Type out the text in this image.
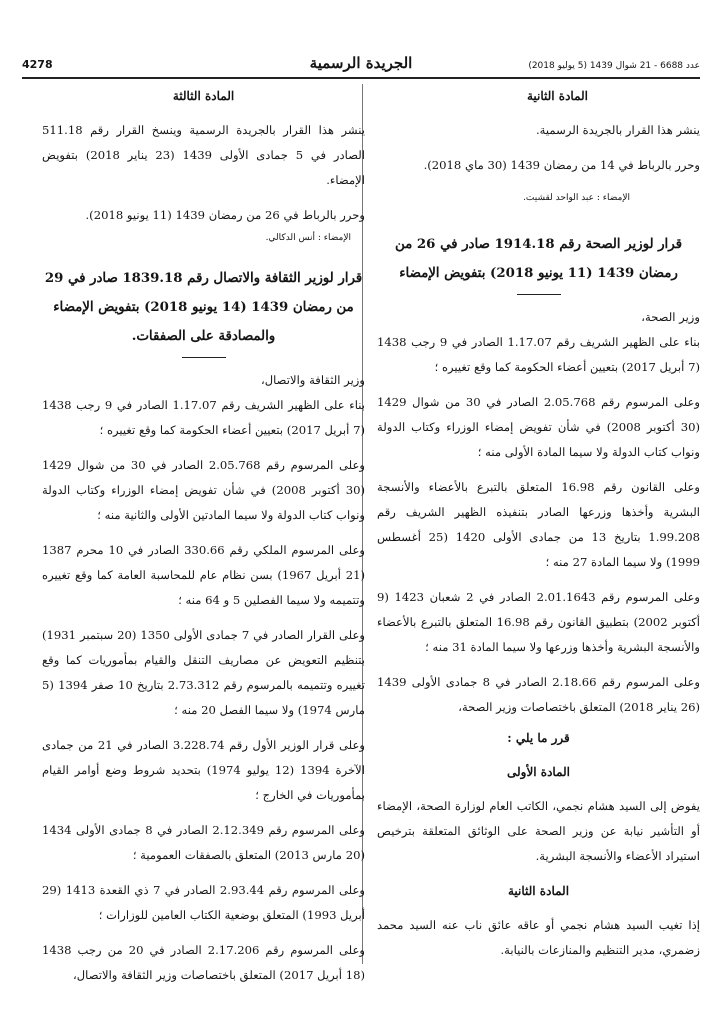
4278	الجريدة الرسمية	عدد 6688 - 21 شوال 1439 (5 يوليو 2018)

المادة الثانية

ينشر هذا القرار بالجريدة الرسمية.

وحرر بالرباط في 14 من رمضان 1439 (30 ماي 2018).

الإمضاء : عبد الواحد لقشيت.

قرار لوزير الصحة رقم 1914.18 صادر في 26 من رمضان 1439 (11 يونيو 2018) بتفويض الإمضاء

وزير الصحة،

بناء على الظهير الشريف رقم 1.17.07 الصادر في 9 رجب 1438 (7 أبريل 2017) بتعيين أعضاء الحكومة كما وقع تغييره ؛

وعلى المرسوم رقم 2.05.768 الصادر في 30 من شوال 1429 (30 أكتوبر 2008) في شأن تفويض إمضاء الوزراء وكتاب الدولة ونواب كتاب الدولة ولا سيما المادة الأولى منه ؛

وعلى القانون رقم 16.98 المتعلق بالتبرع بالأعضاء والأنسجة البشرية وأخذها وزرعها الصادر بتنفيذه الظهير الشريف رقم 1.99.208 بتاريخ 13 من جمادى الأولى 1420 (25 أغسطس 1999) ولا سيما المادة 27 منه ؛

وعلى المرسوم رقم 2.01.1643 الصادر في 2 شعبان 1423 (9 أكتوبر 2002) بتطبيق القانون رقم 16.98 المتعلق بالتبرع بالأعضاء والأنسجة البشرية وأخذها وزرعها ولا سيما المادة 31 منه ؛

وعلى المرسوم رقم 2.18.66 الصادر في 8 جمادى الأولى 1439 (26 يناير 2018) المتعلق باختصاصات وزير الصحة،

قرر ما يلي :

المادة الأولى

يفوض إلى السيد هشام نجمي، الكاتب العام لوزارة الصحة، الإمضاء أو التأشير نيابة عن وزير الصحة على الوثائق المتعلقة بترخيص استيراد الأعضاء والأنسجة البشرية.

المادة الثانية

إذا تغيب السيد هشام نجمي أو عاقه عائق ناب عنه السيد محمد زضمري، مدير التنظيم والمنازعات بالنيابة.

المادة الثالثة

ينشر هذا القرار بالجريدة الرسمية وينسخ القرار رقم 511.18 الصادر في 5 جمادى الأولى 1439 (23 يناير 2018) بتفويض الإمضاء.

وحرر بالرباط في 26 من رمضان 1439 (11 يونيو 2018).

الإمضاء : أنس الدكالي.

قرار لوزير الثقافة والاتصال رقم 1839.18 صادر في 29 من رمضان 1439 (14 يونيو 2018) بتفويض الإمضاء والمصادقة على الصفقات.

وزير الثقافة والاتصال،

بناء على الظهير الشريف رقم 1.17.07 الصادر في 9 رجب 1438 (7 أبريل 2017) بتعيين أعضاء الحكومة كما وقع تغييره ؛

وعلى المرسوم رقم 2.05.768 الصادر في 30 من شوال 1429 (30 أكتوبر 2008) في شأن تفويض إمضاء الوزراء وكتاب الدولة ونواب كتاب الدولة ولا سيما المادتين الأولى والثانية منه ؛

وعلى المرسوم الملكي رقم 330.66 الصادر في 10 محرم 1387 (21 أبريل 1967) بسن نظام عام للمحاسبة العامة كما وقع تغييره وتتميمه ولا سيما الفصلين 5 و 64 منه ؛

وعلى القرار الصادر في 7 جمادى الأولى 1350 (20 سبتمبر 1931) بتنظيم التعويض عن مصاريف التنقل والقيام بمأموريات كما وقع تغييره وتتميمه بالمرسوم رقم 2.73.312 بتاريخ 10 صفر 1394 (5 مارس 1974) ولا سيما الفصل 20 منه ؛

وعلى قرار الوزير الأول رقم 3.228.74 الصادر في 21 من جمادى الآخرة 1394 (12 يوليو 1974) بتحديد شروط وضع أوامر القيام بمأموريات في الخارج ؛

وعلى المرسوم رقم 2.12.349 الصادر في 8 جمادى الأولى 1434 (20 مارس 2013) المتعلق بالصفقات العمومية ؛

وعلى المرسوم رقم 2.93.44 الصادر في 7 ذي القعدة 1413 (29 أبريل 1993) المتعلق بوضعية الكتاب العامين للوزارات ؛

وعلى المرسوم رقم 2.17.206 الصادر في 20 من رجب 1438 (18 أبريل 2017) المتعلق باختصاصات وزير الثقافة والاتصال،
